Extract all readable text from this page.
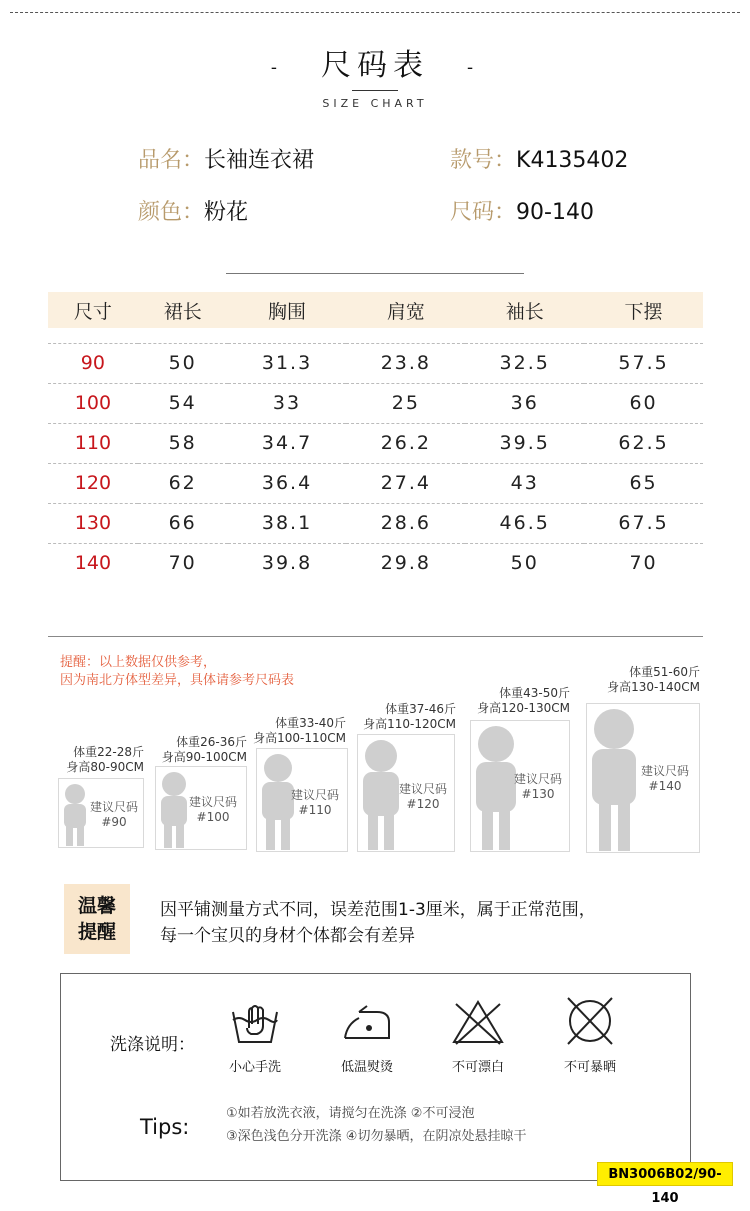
- 尺码表 -
SIZE CHART
品名：长袖连衣裙	款号：K4135402
颜色：粉花	尺码：90-140
尺寸	裙长	胸围	肩宽	袖长	下摆

90	50	31.3	23.8	32.5	57.5
100	54	33	25	36	60
110	58	34.7	26.2	39.5	62.5
120	62	36.4	27.4	43	65
130	66	38.1	28.6	46.5	67.5
140	70	39.8	29.8	50	70
提醒：以上数据仅供参考，
因为南北方体型差异，具体请参考尺码表
体重22-28斤
身高80-90CM
建议尺码
#90
体重26-36斤
身高90-100CM
建议尺码
#100
体重33-40斤
身高100-110CM
建议尺码
#110
体重37-46斤
身高110-120CM
建议尺码
#120
体重43-50斤
身高120-130CM
建议尺码
#130
体重51-60斤
身高130-140CM
建议尺码
#140
温馨
提醒
因平铺测量方式不同，误差范围1-3厘米，属于正常范围，
每一个宝贝的身材个体都会有差异
洗涤说明：
小心手洗	低温熨烫	不可漂白	不可暴晒
Tips:
①如若放洗衣液，请搅匀在洗涤 ②不可浸泡
③深色浅色分开洗涤 ④切勿暴晒，在阴凉处悬挂晾干
BN3006B02/90-140
